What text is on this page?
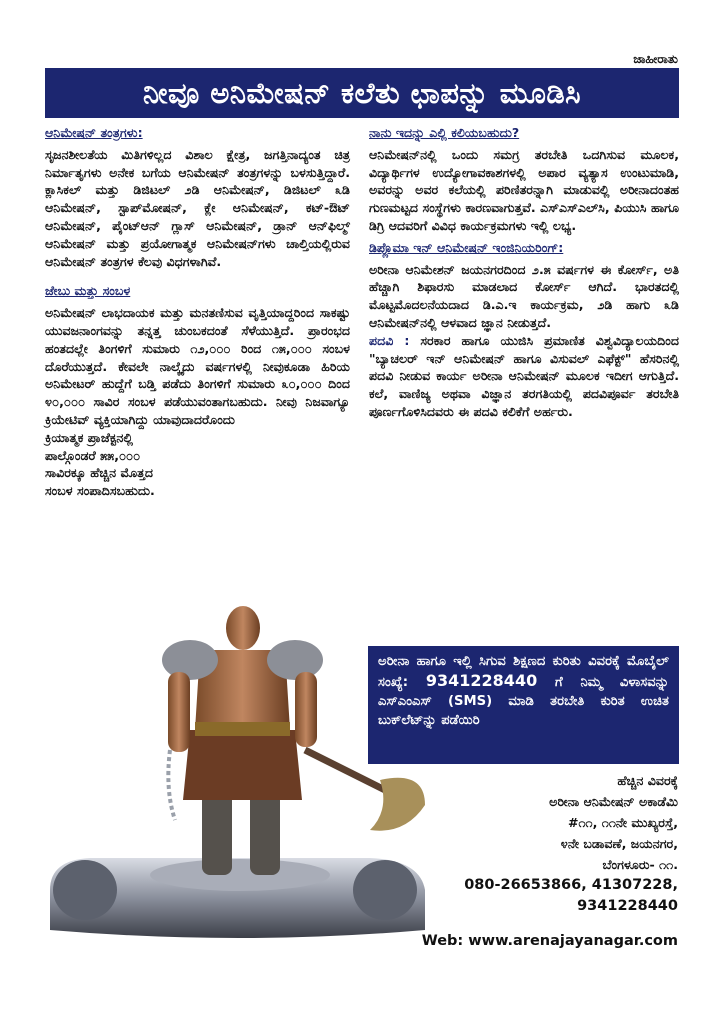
ಜಾಹೀರಾತು
ನೀವೂ ಅನಿಮೇಷನ್ ಕಲೆತು ಛಾಪನ್ನು ಮೂಡಿಸಿ
ಆನಿಮೇಷನ್ ತಂತ್ರಗಳು:

ಸೃಜನಶೀಲತೆಯ ಮಿತಿಗಳಿಲ್ಲದ ವಿಶಾಲ ಕ್ಷೇತ್ರ, ಜಗತ್ತಿನಾದ್ಯಂತ ಚಿತ್ರ ನಿರ್ಮಾತೃಗಳು ಅನೇಕ ಬಗೆಯ ಆನಿಮೇಷನ್ ತಂತ್ರಗಳನ್ನು ಬಳಸುತ್ತಿದ್ದಾರೆ. ಕ್ಲಾಸಿಕಲ್ ಮತ್ತು ಡಿಜಿಟಲ್ ೨ಡಿ ಆನಿಮೇಷನ್, ಡಿಜಿಟಲ್ ೩ಡಿ ಆನಿಮೇಷನ್, ಸ್ಟಾಪ್‌ಮೋಷನ್, ಕ್ಲೇ ಆನಿಮೇಷನ್, ಕಟ್-ಔಟ್ ಆನಿಮೇಷನ್, ಪೈಂಟ್‌ಆನ್ ಗ್ಲಾಸ್ ಆನಿಮೇಷನ್, ಡ್ರಾನ್ ಆನ್‌ಫಿಲ್ಮ್ ಆನಿಮೇಷನ್ ಮತ್ತು ಪ್ರಯೋಗಾತ್ಮಕ ಆನಿಮೇಷನ್‌ಗಳು ಚಾಲ್ತಿಯಲ್ಲಿರುವ ಆನಿಮೇಷನ್ ತಂತ್ರಗಳ ಕೆಲವು ವಿಧಗಳಾಗಿವೆ.

ಜೇಬು ಮತ್ತು ಸಂಬಳ

ಅನಿಮೇಷನ್ ಲಾಭದಾಯಕ ಮತ್ತು ಮನತಣಿಸುವ ವೃತ್ತಿಯಾದ್ದರಿಂದ ಸಾಕಷ್ಟು ಯುವಜನಾಂಗವನ್ನು ತನ್ನತ್ತ ಚುಂಬಕದಂತೆ ಸೆಳೆಯುತ್ತಿದೆ. ಪ್ರಾರಂಭದ ಹಂತದಲ್ಲೇ ತಿಂಗಳಿಗೆ ಸುಮಾರು ೧೨,೦೦೦ ರಿಂದ ೧೫,೦೦೦ ಸಂಬಳ ದೊರೆಯುತ್ತದೆ. ಕೇವಲೇ ನಾಲ್ಕೈದು ವರ್ಷಗಳಲ್ಲಿ ನೀವುಕೂಡಾ ಹಿರಿಯ ಅನಿಮೇಟರ್ ಹುದ್ದೆಗೆ ಬಡ್ತಿ ಪಡೆದು ತಿಂಗಳಿಗೆ ಸುಮಾರು ೩೦,೦೦೦ ದಿಂದ ೪೦,೦೦೦ ಸಾವಿರ ಸಂಬಳ ಪಡೆಯುವಂತಾಗಬಹುದು. ನೀವು ನಿಜವಾಗ್ಯೂ ಕ್ರಿಯೇಟಿವ್ ವ್ಯಕ್ತಿಯಾಗಿದ್ದು ಯಾವುದಾದರೊಂದು

ಕ್ರಿಯಾತ್ಮಕ ಪ್ರಾಜೆಕ್ಟನಲ್ಲಿ ಪಾಲ್ಗೊಂಡರೆ ೫೫,೦೦೦ ಸಾವಿರಕ್ಕೂ ಹೆಚ್ಚಿನ ಮೊತ್ತದ ಸಂಬಳ ಸಂಪಾದಿಸಬಹುದು.

ನಾನು ಇದನ್ನು ಎಲ್ಲಿ ಕಲಿಯಬಹುದು?

ಆನಿಮೇಷನ್‌ನಲ್ಲಿ ಒಂದು ಸಮಗ್ರ ತರಬೇತಿ ಒದಗಿಸುವ ಮೂಲಕ, ವಿದ್ಯಾರ್ಥಿಗಳ ಉದ್ಯೋಗಾವಕಾಶಗಳಲ್ಲಿ ಅಪಾರ ವ್ಯತ್ಯಾಸ ಉಂಟುಮಾಡಿ, ಅವರನ್ನು ಅವರ ಕಲೆಯಲ್ಲಿ ಪರಿಣಿತರನ್ನಾಗಿ ಮಾಡುವಲ್ಲಿ ಅರೀನಾದಂತಹ ಗುಣಮಟ್ಟದ ಸಂಸ್ಥೆಗಳು ಕಾರಣವಾಗುತ್ತವೆ. ಎಸ್‌ಎಸ್‌ಎಲ್‌ಸಿ, ಪಿಯುಸಿ ಹಾಗೂ ಡಿಗ್ರಿ ಆದವರಿಗೆ ವಿವಿಧ ಕಾರ್ಯಕ್ರಮಗಳು ಇಲ್ಲಿ ಲಭ್ಯ.

ಡಿಪ್ಲೊಮಾ ಇನ್ ಆನಿಮೇಷನ್ ಇಂಜಿನಿಯರಿಂಗ್:

ಅರೀನಾ ಆನಿಮೇಶನ್ ಜಯನಗರದಿಂದ ೨.೫ ವರ್ಷಗಳ ಈ ಕೋರ್ಸ್, ಅತಿ ಹೆಚ್ಚಾಗಿ ಶಿಫಾರಸು ಮಾಡಲಾದ ಕೋರ್ಸ್ ಆಗಿದೆ. ಭಾರತದಲ್ಲಿ ಮೊಟ್ಟಮೊದಲನೆಯದಾದ ಡಿ.ಎ.ಇ ಕಾರ್ಯಕ್ರಮ, ೨ಡಿ ಹಾಗು ೩ಡಿ ಆನಿಮೇಷನ್‌ನಲ್ಲಿ ಆಳವಾದ ಜ್ಞಾನ ನೀಡುತ್ತದೆ.

ಪದವಿ : ಸರಕಾರ ಹಾಗೂ ಯುಜಿಸಿ ಪ್ರಮಾಣಿತ ವಿಶ್ವವಿದ್ಯಾಲಯದಿಂದ "ಬ್ಯಾಚಲರ್ ಇನ್ ಆನಿಮೇಷನ್ ಹಾಗೂ ವಿಸುವಲ್ ಎಫೆಕ್ಟ್" ಹೆಸರಿನಲ್ಲಿ ಪದವಿ ನೀಡುವ ಕಾರ್ಯ ಅರೀನಾ ಆನಿಮೇಷನ್ ಮೂಲಕ ಇದೀಗ ಆಗುತ್ತಿದೆ. ಕಲೆ, ವಾಣಿಜ್ಯ ಅಥವಾ ವಿಜ್ಞಾನ ತರಗತಿಯಲ್ಲಿ ಪದವಿಪೂರ್ವ ತರಬೇತಿ ಪೂರ್ಣಗೊಳಿಸಿದವರು ಈ ಪದವಿ ಕಲಿಕೆಗೆ ಅರ್ಹರು.

ಅರೀನಾ ಹಾಗೂ ಇಲ್ಲಿ ಸಿಗುವ ಶಿಕ್ಷಣದ ಕುರಿತು ವಿವರಕ್ಕೆ ಮೊಬೈಲ್ ಸಂಖ್ಯೆ: 9341228440 ಗೆ ನಿಮ್ಮ ವಿಳಾಸವನ್ನು ಎಸ್‌ಎಂಎಸ್ (SMS) ಮಾಡಿ ತರಬೇತಿ ಕುರಿತ ಉಚಿತ ಬುಕ್‌ಲೆಟ್‌ನ್ನು ಪಡೆಯಿರಿ
ಹೆಚ್ಚಿನ ವಿವರಕ್ಕೆ
ಅರೀನಾ ಆನಿಮೇಷನ್ ಅಕಾಡೆಮಿ
#೧೧, ೧೧ನೇ ಮುಖ್ಯರಸ್ತೆ,
೪ನೇ ಬಡಾವಣೆ, ಜಯನಗರ,
ಬೆಂಗಳೂರು- ೧೧.
080-26653866, 41307228,
9341228440
Web: www.arenajayanagar.com
